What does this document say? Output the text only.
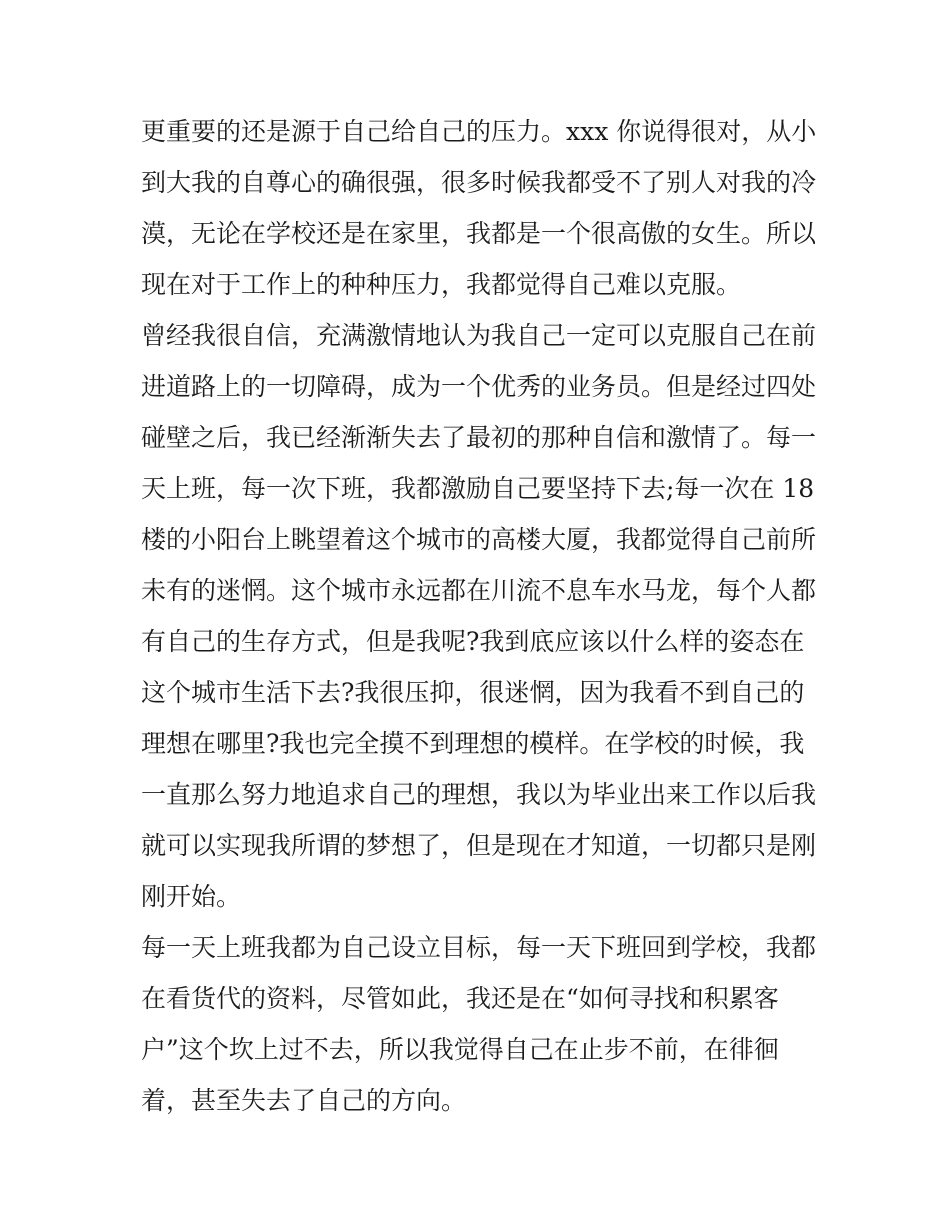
更重要的还是源于自己给自己的压力。xxx 你说得很对，从小
到大我的自尊心的确很强，很多时候我都受不了别人对我的冷
漠，无论在学校还是在家里，我都是一个很高傲的女生。所以
现在对于工作上的种种压力，我都觉得自己难以克服。
曾经我很自信，充满激情地认为我自己一定可以克服自己在前
进道路上的一切障碍，成为一个优秀的业务员。但是经过四处
碰壁之后，我已经渐渐失去了最初的那种自信和激情了。每一
天上班，每一次下班，我都激励自己要坚持下去;每一次在 18
楼的小阳台上眺望着这个城市的高楼大厦，我都觉得自己前所
未有的迷惘。这个城市永远都在川流不息车水马龙，每个人都
有自己的生存方式，但是我呢?我到底应该以什么样的姿态在
这个城市生活下去?我很压抑，很迷惘，因为我看不到自己的
理想在哪里?我也完全摸不到理想的模样。在学校的时候，我
一直那么努力地追求自己的理想，我以为毕业出来工作以后我
就可以实现我所谓的梦想了，但是现在才知道，一切都只是刚
刚开始。
每一天上班我都为自己设立目标，每一天下班回到学校，我都
在看货代的资料，尽管如此，我还是在“如何寻找和积累客
户”这个坎上过不去，所以我觉得自己在止步不前，在徘徊
着，甚至失去了自己的方向。
